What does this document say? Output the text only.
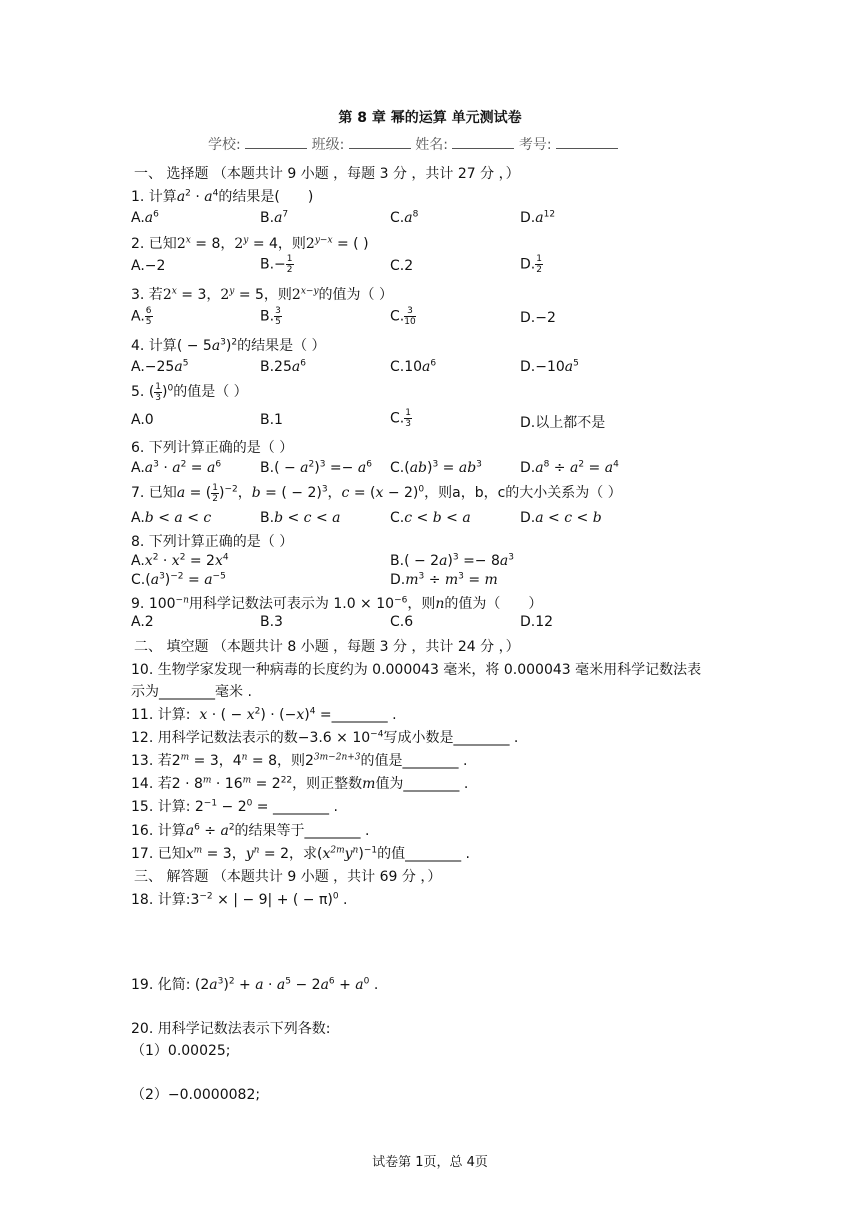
第 8 章 幂的运算 单元测试卷
学校:	班级:	姓名:	考号:
一、 选择题 （本题共计 9 小题 ，每题 3 分 ，共计 27 分 ，）
1. 计算$a^2 \cdot a^4$的结果是(　　)
$A.a^6$	$B.a^7$	$C.a^8$	$D.a^{12}$
2. 已知$2^x = 8$，$2^y = 4$，则$2^{y-x}$ = ( )
A.−2	$B.- \frac{1}{2}$	C.2	D. $\frac{1}{2}$
3. 若$2^x = 3$，$2^y = 5$，则$2^{x-y}$的值为（ ）
A. $\frac{6}{5}$	B. $\frac{3}{5}$	C. $\frac{3}{10}$	D.−2
4. 计算( − $5a^3)^2$的结果是（ ）
$A.-25a^5$	$B.25a^6$	$C.10a^6$	$D.-10a^5$
5. ( $\frac{1}{3} )^0$的值是（ ）
A.0	B.1	C. $\frac{1}{3}$	D.以上都不是
6. 下列计算正确的是（ ）
$A.a^3 \cdot a^2 = a^6$	$B.( - a^2)^3 =- a^6$ $C.(ab)^3 = ab^3$	$D.a^8 \div a^2 = a^4$
7. 已知a = ( $\frac{1}{2} )^{-2}$，b = ( − 2)$^3$，$c = (x - 2)^0$，则a，b，c的大小关系为（ ）
A.b < a < c	B.b < c < a	C.c < b < a	D.a < c < b
8. 下列计算正确的是（ ）
$A.x^2 \cdot x^2 = 2x^4$	$B.( - 2a)^3 =- 8a^3$
$C.(a^3)^{-2} = a^{-5}$	$D.m^3 \div m^3 = m$
9. $100^{-n}$用科学记数法可表示为 $1.0 \times 10^{-6}$，则n的值为（　　）
A.2	B.3	C.6	D.12
二、 填空题 （本题共计 8 小题 ，每题 3 分 ，共计 24 分 ，）
10. 生物学家发现一种病毒的长度约为 0.000043 毫米，将 0.000043 毫米用科学记数法表
示为________毫米 .
11. 计算: x · ( − $x^2) \cdot (-x)^4$ =________ .
12. 用科学记数法表示的数$-3.6 \times 10^{-4}$写成小数是________ .
13. 若$2^m = 3$，$4^n = 8$，则$2^{3m-2n+3}$的值是________ .
14. 若$2 \cdot 8^m \cdot 16^m = 2^{22}$，则正整数m值为________ .
15. 计算: $2^{-1} - 2^0$ = ________ .
16. 计算$a^6 \div a^2$的结果等于________ .
17. 已知$x^m = 3$，$y^n = 2$，求$(x^{2m}y^n)^{-1}$的值________ .
三、 解答题 （本题共计 9 小题 ，共计 69 分 ，）
18. 计算$:3^{-2}$ × | − 9| + ( − π)$^0$ .
19. 化简: $(2a^3)^2 + a \cdot a^5 - 2a^6 + a^0$ .
20. 用科学记数法表示下列各数:
（1）0.00025;
（2）−0.0000082;
试卷第 1页，总 4页
